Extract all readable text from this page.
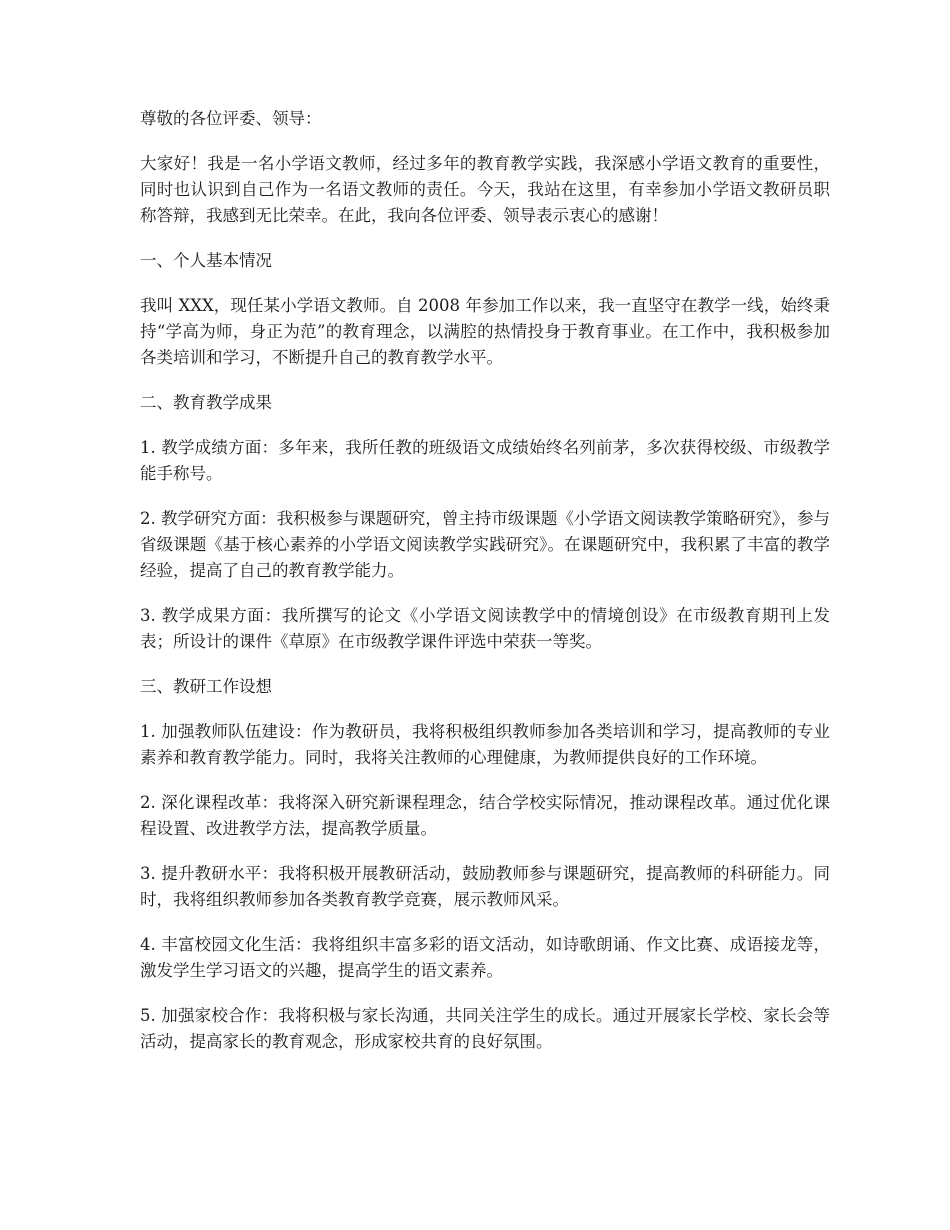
尊敬的各位评委、领导：

大家好！我是一名小学语文教师，经过多年的教育教学实践，我深感小学语文教育的重要性，同时也认识到自己作为一名语文教师的责任。今天，我站在这里，有幸参加小学语文教研员职称答辩，我感到无比荣幸。在此，我向各位评委、领导表示衷心的感谢！

一、个人基本情况

我叫 XXX，现任某小学语文教师。自 2008 年参加工作以来，我一直坚守在教学一线，始终秉持“学高为师，身正为范”的教育理念，以满腔的热情投身于教育事业。在工作中，我积极参加各类培训和学习，不断提升自己的教育教学水平。

二、教育教学成果

1. 教学成绩方面：多年来，我所任教的班级语文成绩始终名列前茅，多次获得校级、市级教学能手称号。

2. 教学研究方面：我积极参与课题研究，曾主持市级课题《小学语文阅读教学策略研究》，参与省级课题《基于核心素养的小学语文阅读教学实践研究》。在课题研究中，我积累了丰富的教学经验，提高了自己的教育教学能力。

3. 教学成果方面：我所撰写的论文《小学语文阅读教学中的情境创设》在市级教育期刊上发表；所设计的课件《草原》在市级教学课件评选中荣获一等奖。

三、教研工作设想

1. 加强教师队伍建设：作为教研员，我将积极组织教师参加各类培训和学习，提高教师的专业素养和教育教学能力。同时，我将关注教师的心理健康，为教师提供良好的工作环境。

2. 深化课程改革：我将深入研究新课程理念，结合学校实际情况，推动课程改革。通过优化课程设置、改进教学方法，提高教学质量。

3. 提升教研水平：我将积极开展教研活动，鼓励教师参与课题研究，提高教师的科研能力。同时，我将组织教师参加各类教育教学竞赛，展示教师风采。

4. 丰富校园文化生活：我将组织丰富多彩的语文活动，如诗歌朗诵、作文比赛、成语接龙等，激发学生学习语文的兴趣，提高学生的语文素养。

5. 加强家校合作：我将积极与家长沟通，共同关注学生的成长。通过开展家长学校、家长会等活动，提高家长的教育观念，形成家校共育的良好氛围。
